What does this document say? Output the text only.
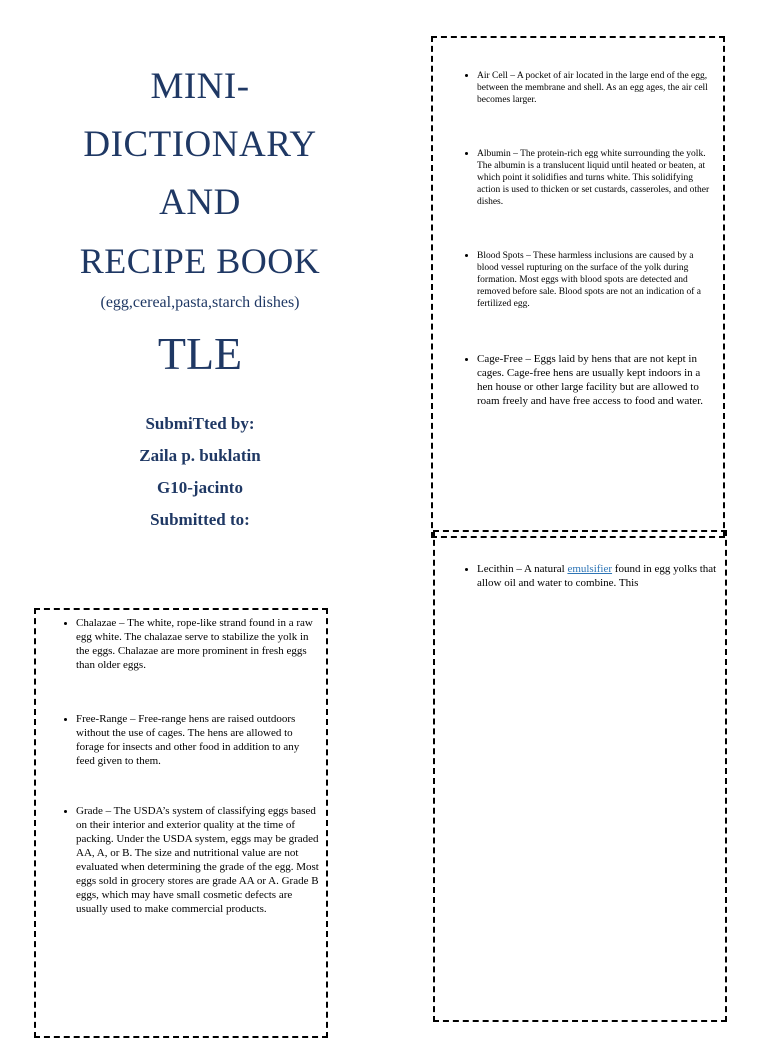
MINI-
DICTIONARY
AND
RECIPE BOOK
(egg,cereal,pasta,starch dishes)
TLE
SubmiTted by:
Zaila p. buklatin
G10-jacinto
Submitted to:
• Air Cell – A pocket of air located in the large end of the egg, between the membrane and shell. As an egg ages, the air cell becomes larger.
• Albumin – The protein-rich egg white surrounding the yolk. The albumin is a translucent liquid until heated or beaten, at which point it solidifies and turns white. This solidifying action is used to thicken or set custards, casseroles, and other dishes.
• Blood Spots – These harmless inclusions are caused by a blood vessel rupturing on the surface of the yolk during formation. Most eggs with blood spots are detected and removed before sale. Blood spots are not an indication of a fertilized egg.
• Cage-Free – Eggs laid by hens that are not kept in cages. Cage-free hens are usually kept indoors in a hen house or other large facility but are allowed to roam freely and have free access to food and water.
• Lecithin – A natural emulsifier found in egg yolks that allow oil and water to combine. This
• Chalazae – The white, rope-like strand found in a raw egg white. The chalazae serve to stabilize the yolk in the eggs. Chalazae are more prominent in fresh eggs than older eggs.
• Free-Range – Free-range hens are raised outdoors without the use of cages. The hens are allowed to forage for insects and other food in addition to any feed given to them.
• Grade – The USDA’s system of classifying eggs based on their interior and exterior quality at the time of packing. Under the USDA system, eggs may be graded AA, A, or B. The size and nutritional value are not evaluated when determining the grade of the egg. Most eggs sold in grocery stores are grade AA or A. Grade B eggs, which may have small cosmetic defects are usually used to make commercial products.
